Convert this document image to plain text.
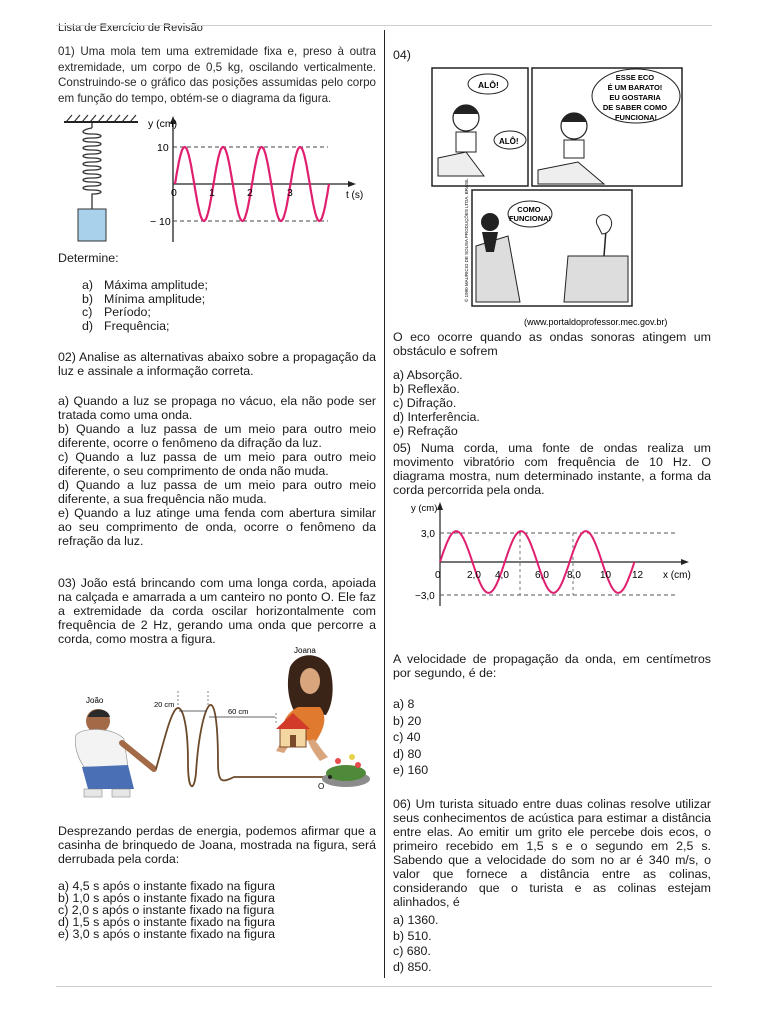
Lista de Exercício de Revisão

01) Uma mola tem uma extremidade fixa e, preso à outra extremidade, um corpo de 0,5 kg, oscilando verticalmente. Construindo-se o gráfico das posições assumidas pelo corpo em função do tempo, obtém-se o diagrama da figura.

y (cm)
t (s)
10
− 10
0	1	2	3

Determine:

a) Máxima amplitude;
b) Mínima amplitude;
c) Período;
d) Frequência;

02) Analise as alternativas abaixo sobre a propagação da luz e assinale a informação correta.

a) Quando a luz se propaga no vácuo, ela não pode ser tratada como uma onda.

b) Quando a luz passa de um meio para outro meio diferente, ocorre o fenômeno da difração da luz.

c) Quando a luz passa de um meio para outro meio diferente, o seu comprimento de onda não muda.

d) Quando a luz passa de um meio para outro meio diferente, a sua frequência não muda.

e) Quando a luz atinge uma fenda com abertura similar ao seu comprimento de onda, ocorre o fenômeno da refração da luz.

03) João está brincando com uma longa corda, apoiada na calçada e amarrada a um canteiro no ponto O. Ele faz a extremidade da corda oscilar horizontalmente com frequência de 2 Hz, gerando uma onda que percorre a corda, como mostra a figura.

Joana
João	20 cm
60 cm
O

Desprezando perdas de energia, podemos afirmar que a casinha de brinquedo de Joana, mostrada na figura, será derrubada pela corda:

a) 4,5 s após o instante fixado na figura

b) 1,0 s após o instante fixado na figura

c) 2,0 s após o instante fixado na figura

d) 1,5 s após o instante fixado na figura

e) 3,0 s após o instante fixado na figura

04)

ALÔ!
ALÔ!
ESSE ECO É UM BARATO! EU GOSTARIA DE SABER COMO FUNCIONA!
COMO FUNCIONA!
© 1990 MAURICIO DE SOUSA PRODUÇÕES LTDA. BRASIL
(www.portaldoprofessor.mec.gov.br)

O eco ocorre quando as ondas sonoras atingem um obstáculo e sofrem

a) Absorção.

b) Reflexão.

c) Difração.

d) Interferência.

e) Refração

05) Numa corda, uma fonte de ondas realiza um movimento vibratório com frequência de 10 Hz. O diagrama mostra, num determinado instante, a forma da corda percorrida pela onda.

y (cm)
x (cm)
3,0
−3,0
0	2,0 4,0	6,0 8,0 10 12

A velocidade de propagação da onda, em centímetros por segundo, é de:

a) 8

b) 20

c) 40

d) 80

e) 160

06) Um turista situado entre duas colinas resolve utilizar seus conhecimentos de acústica para estimar a distância entre elas. Ao emitir um grito ele percebe dois ecos, o primeiro recebido em 1,5 s e o segundo em 2,5 s. Sabendo que a velocidade do som no ar é 340 m/s, o valor que fornece a distância entre as colinas, considerando que o turista e as colinas estejam alinhados, é

a) 1360.

b) 510.

c) 680.

d) 850.
